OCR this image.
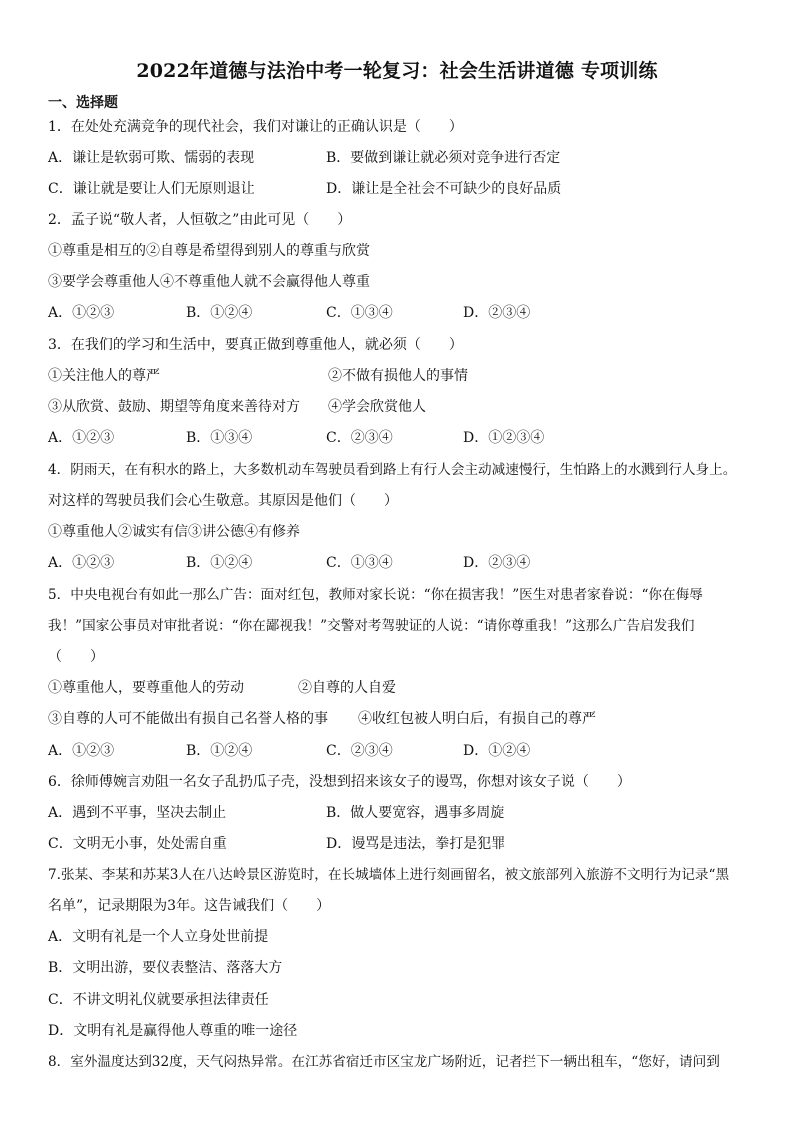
2022年道德与法治中考一轮复习：社会生活讲道德 专项训练
一、选择题
1．在处处充满竞争的现代社会，我们对谦让的正确认识是（　　）
A．谦让是软弱可欺、懦弱的表现	B．要做到谦让就必须对竞争进行否定
C．谦让就是要让人们无原则退让	D．谦让是全社会不可缺少的良好品质
2．孟子说“敬人者，人恒敬之”由此可见（　　）
①尊重是相互的②自尊是希望得到别人的尊重与欣赏
③要学会尊重他人④不尊重他人就不会赢得他人尊重
A．①②③	B．①②④	C．①③④	D．②③④
3．在我们的学习和生活中，要真正做到尊重他人，就必须（　　）
①关注他人的尊严	②不做有损他人的事情
③从欣赏、鼓励、期望等角度来善待对方 ④学会欣赏他人
A．①②③	B．①③④	C．②③④	D．①②③④
4．阴雨天，在有积水的路上，大多数机动车驾驶员看到路上有行人会主动减速慢行，生怕路上的水溅到行人身上。
对这样的驾驶员我们会心生敬意。其原因是他们（　　）
①尊重他人②诚实有信③讲公德④有修养
A．①②③	B．①②④	C．①③④	D．②③④
5．中央电视台有如此一那么广告：面对红包，教师对家长说：“你在损害我！”医生对患者家眷说：“你在侮辱
我！”国家公事员对审批者说：“你在鄙视我！”交警对考驾驶证的人说：“请你尊重我！”这那么广告启发我们
（　　）
①尊重他人，要尊重他人的劳动	②自尊的人自爱
③自尊的人可不能做出有损自己名誉人格的事 ④收红包被人明白后，有损自己的尊严
A．①②③	B．①②④	C．②③④	D．①②④
6．徐师傅婉言劝阻一名女子乱扔瓜子壳，没想到招来该女子的谩骂，你想对该女子说（　　）
A．遇到不平事，坚决去制止	B．做人要宽容，遇事多周旋
C．文明无小事，处处需自重	D．谩骂是违法，拳打是犯罪
7.张某、李某和苏某3人在八达岭景区游览时，在长城墙体上进行刻画留名，被文旅部列入旅游不文明行为记录“黑
名单”，记录期限为3年。这告诫我们（　　）
A．文明有礼是一个人立身处世前提
B．文明出游，要仪表整洁、落落大方
C．不讲文明礼仪就要承担法律责任
D．文明有礼是赢得他人尊重的唯一途径
8．室外温度达到32度，天气闷热异常。在江苏省宿迁市区宝龙广场附近，记者拦下一辆出租车，“您好，请问到
